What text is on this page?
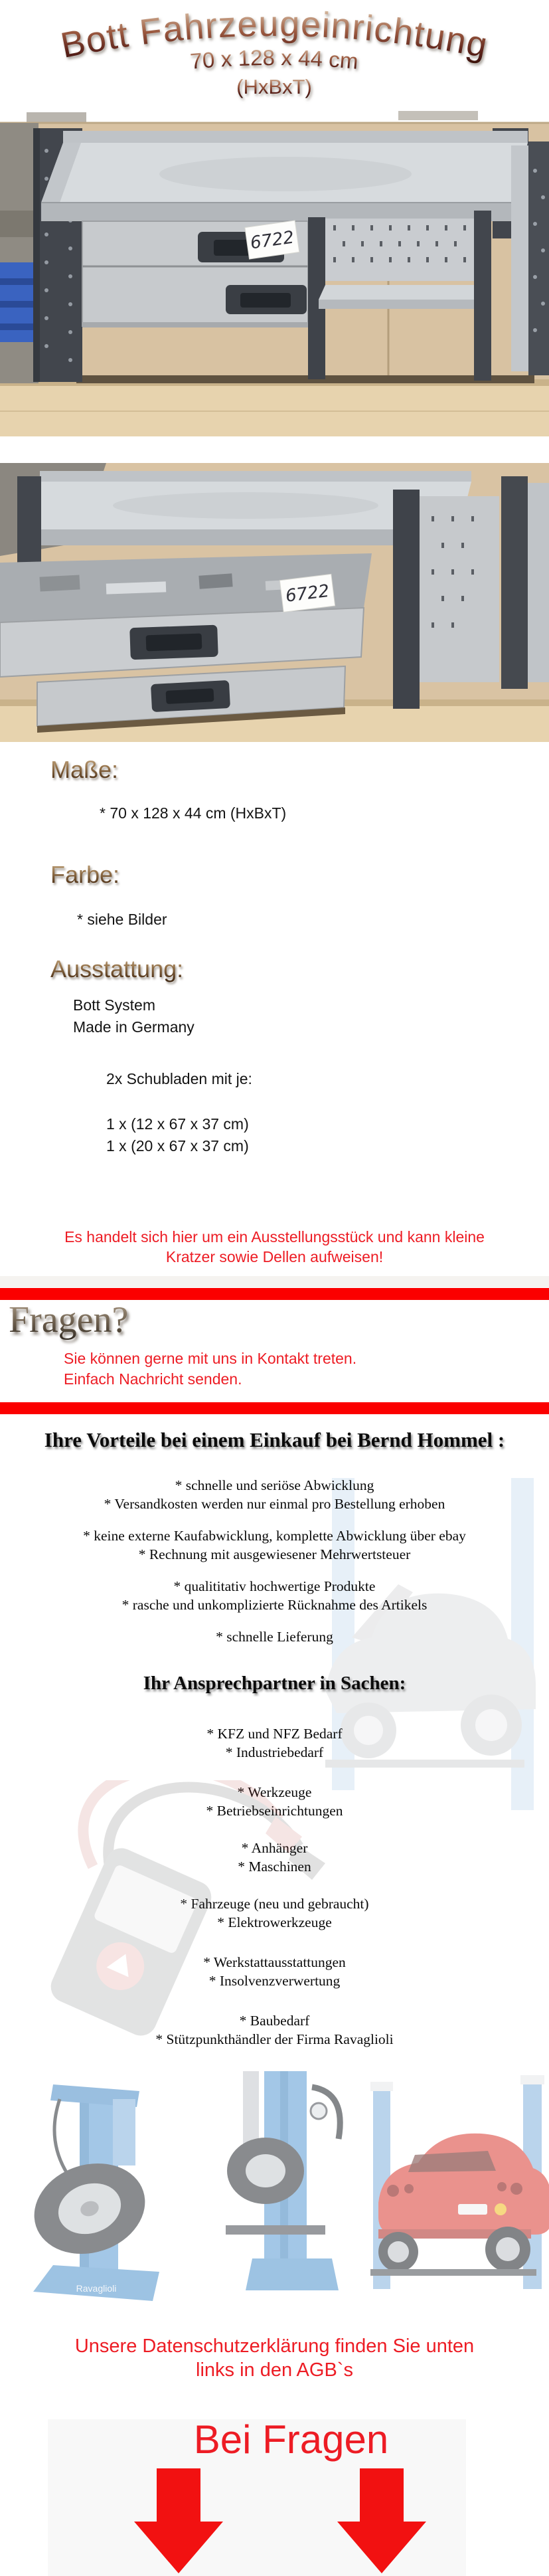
Bott Fahrzeugeinrichtung
70 x 128 x 44 cm
(HxBxT)
6722
6722
Maße:
* 70 x 128 x 44 cm (HxBxT)
Farbe:
* siehe Bilder
Ausstattung:
Bott System
Made in Germany
2x Schubladen mit je:
1 x (12 x 67 x 37 cm)
1 x (20 x 67 x 37 cm)
Es handelt sich hier um ein Ausstellungsstück und kann kleine
Kratzer sowie Dellen aufweisen!
Fragen?
Sie können gerne mit uns in Kontakt treten.
Einfach Nachricht senden.
Ihre Vorteile bei einem Einkauf bei Bernd Hommel :
* schnelle und seriöse Abwicklung
* Versandkosten werden nur einmal pro Bestellung erhoben
* keine externe Kaufabwicklung, komplette Abwicklung über ebay
* Rechnung mit ausgewiesener Mehrwertsteuer
* qualititativ hochwertige Produkte
* rasche und unkomplizierte Rücknahme des Artikels
* schnelle Lieferung
Ihr Ansprechpartner in Sachen:
* KFZ und NFZ Bedarf
* Industriebedarf
* Werkzeuge
* Betriebseinrichtungen
* Anhänger
* Maschinen
* Fahrzeuge (neu und gebraucht)
* Elektrowerkzeuge
* Werkstattausstattungen
* Insolvenzverwertung
* Baubedarf
* Stützpunkthändler der Firma Ravaglioli
Ravaglioli
Unsere Datenschutzerklärung finden Sie unten
links in den AGB`s
Bei Fragen
